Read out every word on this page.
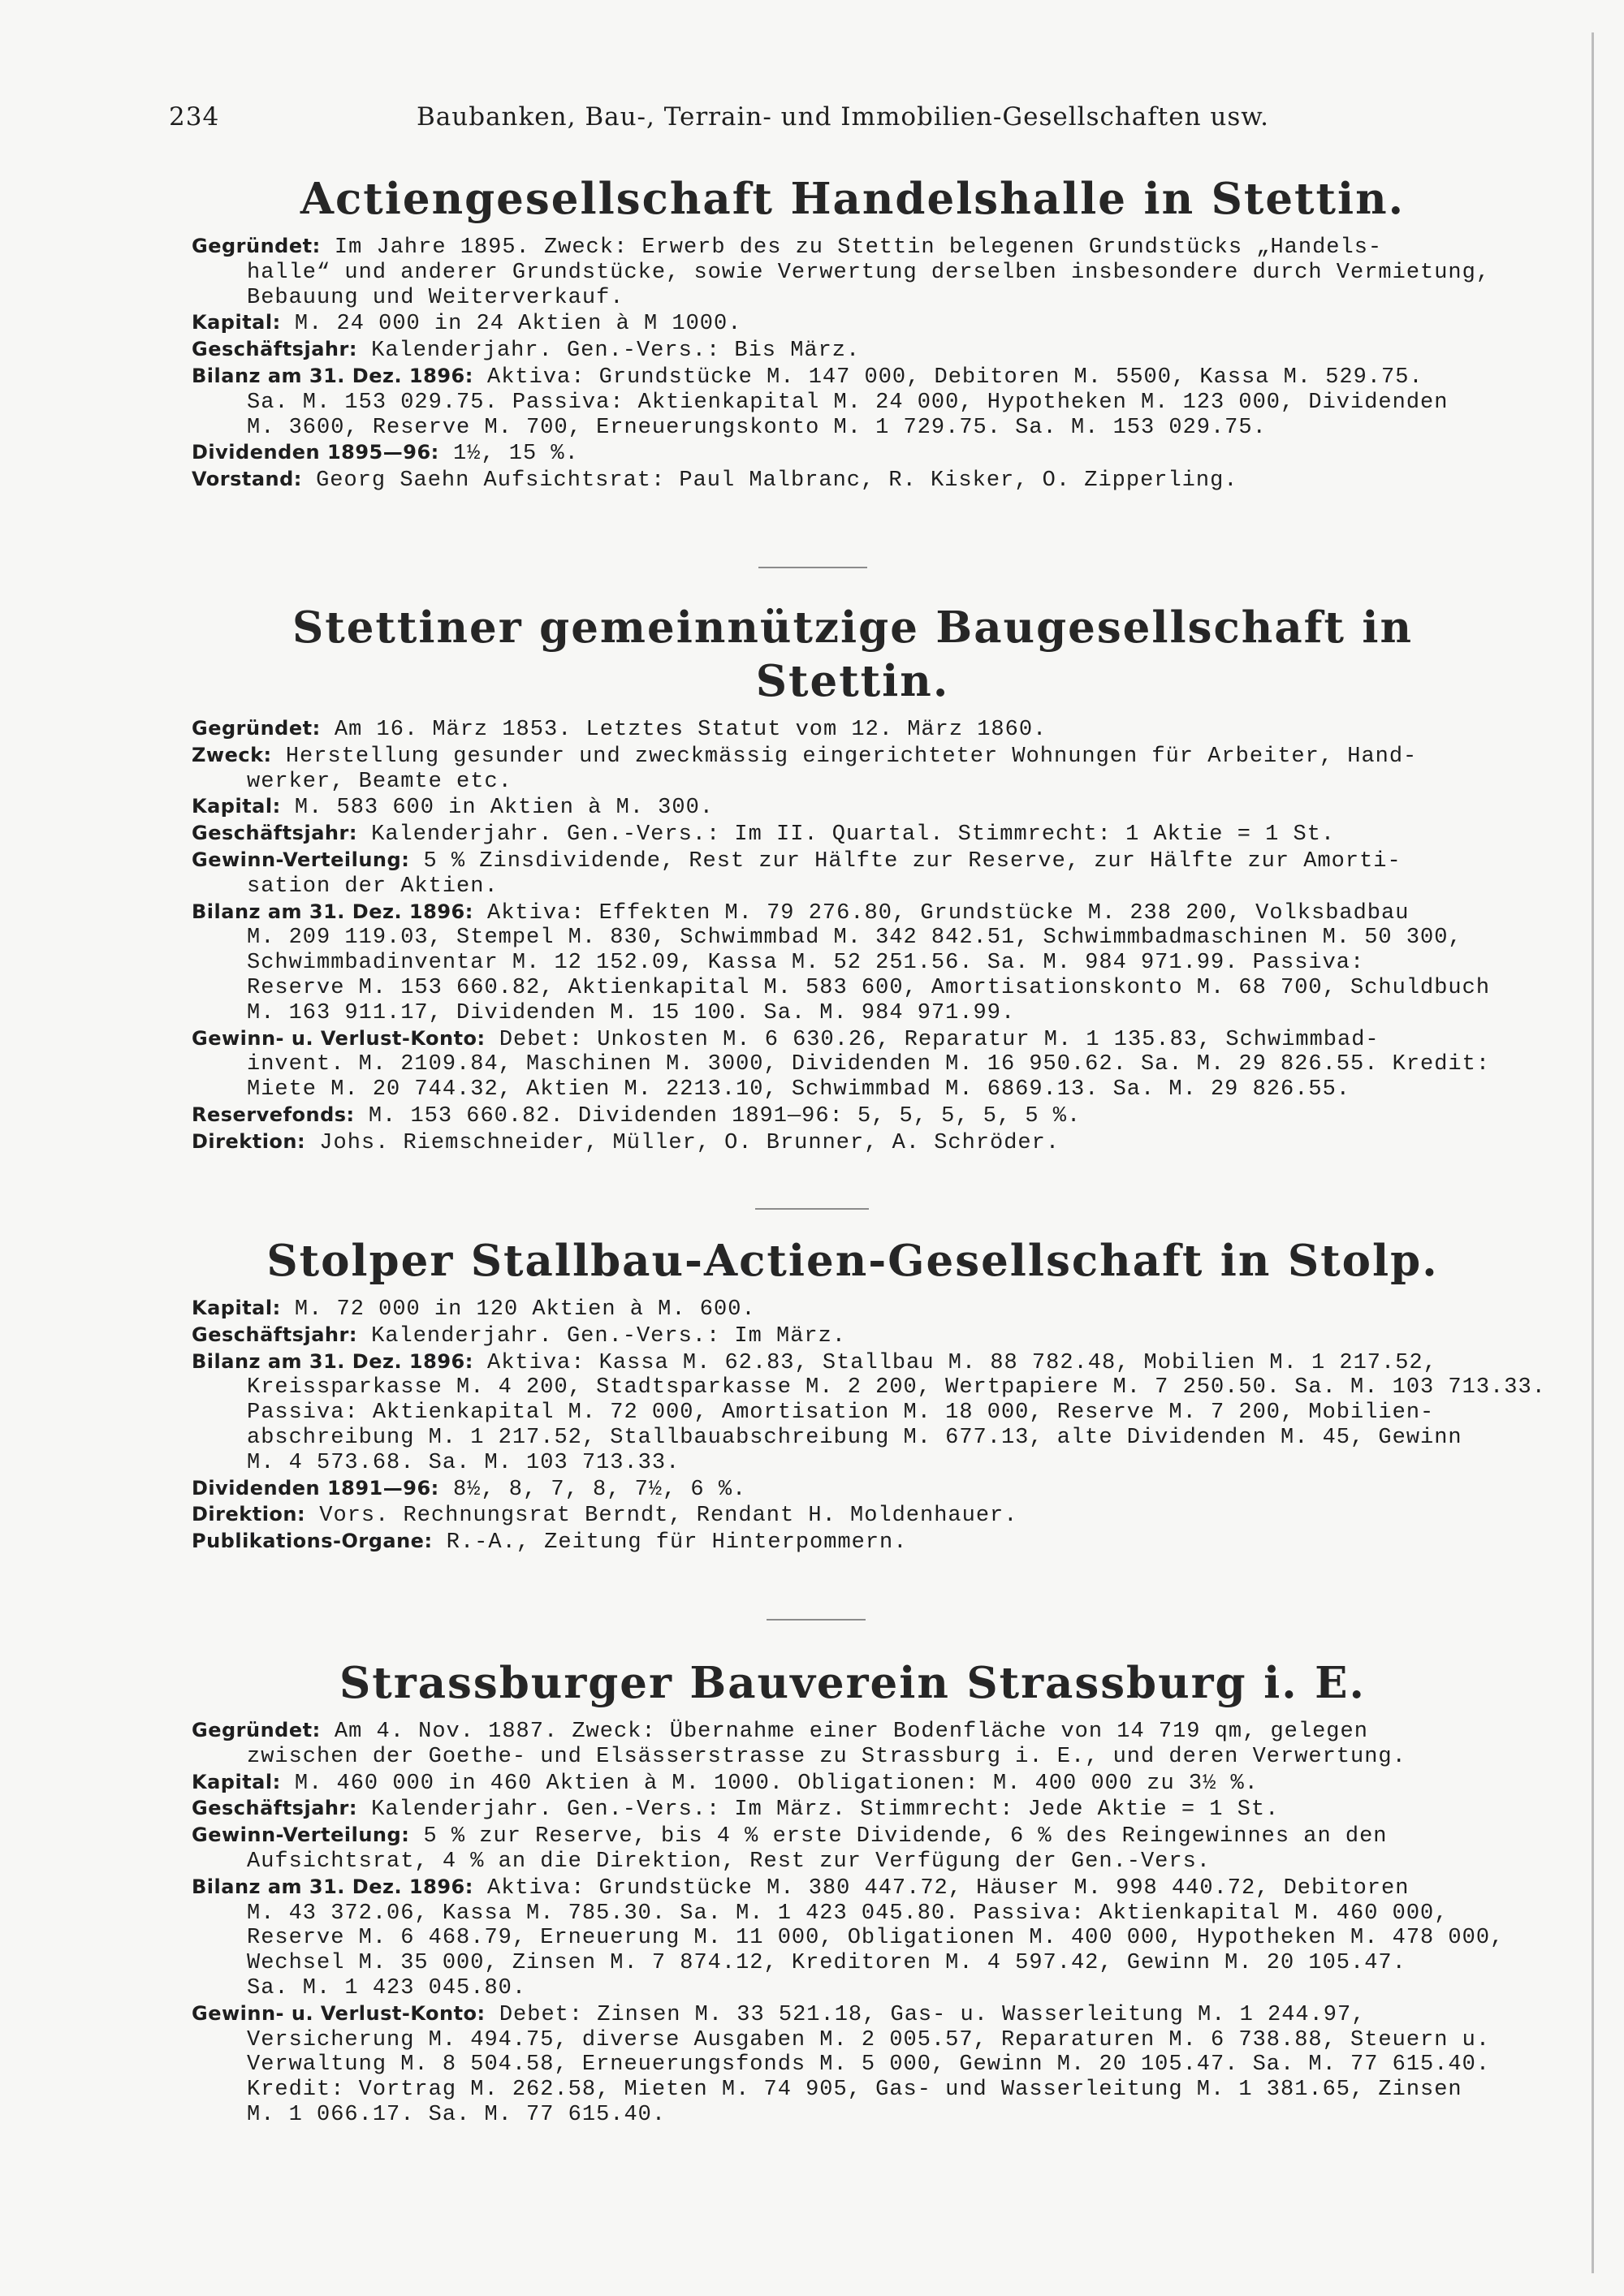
234	Baubanken, Bau-, Terrain- und Immobilien-Gesellschaften usw.
Actiengesellschaft Handelshalle in Stettin.

Gegründet: Im Jahre 1895. Zweck: Erwerb des zu Stettin belegenen Grundstücks „Handels-
halle“ und anderer Grundstücke, sowie Verwertung derselben insbesondere durch Vermietung,
Bebauung und Weiterverkauf.
Kapital: M. 24 000 in 24 Aktien à M 1000.
Geschäftsjahr: Kalenderjahr. Gen.-Vers.: Bis März.
Bilanz am 31. Dez. 1896: Aktiva: Grundstücke M. 147 000, Debitoren M. 5500, Kassa M. 529.75.
Sa. M. 153 029.75. Passiva: Aktienkapital M. 24 000, Hypotheken M. 123 000, Dividenden
M. 3600, Reserve M. 700, Erneuerungskonto M. 1 729.75. Sa. M. 153 029.75.
Dividenden 1895—96: 1½, 15 %.
Vorstand: Georg Saehn Aufsichtsrat: Paul Malbranc, R. Kisker, O. Zipperling.

Stettiner gemeinnützige Baugesellschaft in Stettin.

Gegründet: Am 16. März 1853. Letztes Statut vom 12. März 1860.
Zweck: Herstellung gesunder und zweckmässig eingerichteter Wohnungen für Arbeiter, Hand-
werker, Beamte etc.
Kapital: M. 583 600 in Aktien à M. 300.
Geschäftsjahr: Kalenderjahr. Gen.-Vers.: Im II. Quartal. Stimmrecht: 1 Aktie = 1 St.
Gewinn-Verteilung: 5 % Zinsdividende, Rest zur Hälfte zur Reserve, zur Hälfte zur Amorti-
sation der Aktien.
Bilanz am 31. Dez. 1896: Aktiva: Effekten M. 79 276.80, Grundstücke M. 238 200, Volksbadbau
M. 209 119.03, Stempel M. 830, Schwimmbad M. 342 842.51, Schwimmbadmaschinen M. 50 300,
Schwimmbadinventar M. 12 152.09, Kassa M. 52 251.56. Sa. M. 984 971.99. Passiva:
Reserve M. 153 660.82, Aktienkapital M. 583 600, Amortisationskonto M. 68 700, Schuldbuch
M. 163 911.17, Dividenden M. 15 100. Sa. M. 984 971.99.
Gewinn- u. Verlust-Konto: Debet: Unkosten M. 6 630.26, Reparatur M. 1 135.83, Schwimmbad-
invent. M. 2109.84, Maschinen M. 3000, Dividenden M. 16 950.62. Sa. M. 29 826.55. Kredit:
Miete M. 20 744.32, Aktien M. 2213.10, Schwimmbad M. 6869.13. Sa. M. 29 826.55.
Reservefonds: M. 153 660.82. Dividenden 1891—96: 5, 5, 5, 5, 5 %.
Direktion: Johs. Riemschneider, Müller, O. Brunner, A. Schröder.

Stolper Stallbau-Actien-Gesellschaft in Stolp.

Kapital: M. 72 000 in 120 Aktien à M. 600.
Geschäftsjahr: Kalenderjahr. Gen.-Vers.: Im März.
Bilanz am 31. Dez. 1896: Aktiva: Kassa M. 62.83, Stallbau M. 88 782.48, Mobilien M. 1 217.52,
Kreissparkasse M. 4 200, Stadtsparkasse M. 2 200, Wertpapiere M. 7 250.50. Sa. M. 103 713.33.
Passiva: Aktienkapital M. 72 000, Amortisation M. 18 000, Reserve M. 7 200, Mobilien-
abschreibung M. 1 217.52, Stallbauabschreibung M. 677.13, alte Dividenden M. 45, Gewinn
M. 4 573.68. Sa. M. 103 713.33.
Dividenden 1891—96: 8½, 8, 7, 8, 7½, 6 %.
Direktion: Vors. Rechnungsrat Berndt, Rendant H. Moldenhauer.
Publikations-Organe: R.-A., Zeitung für Hinterpommern.

Strassburger Bauverein Strassburg i. E.

Gegründet: Am 4. Nov. 1887. Zweck: Übernahme einer Bodenfläche von 14 719 qm, gelegen
zwischen der Goethe- und Elsässerstrasse zu Strassburg i. E., und deren Verwertung.
Kapital: M. 460 000 in 460 Aktien à M. 1000. Obligationen: M. 400 000 zu 3½ %.
Geschäftsjahr: Kalenderjahr. Gen.-Vers.: Im März. Stimmrecht: Jede Aktie = 1 St.
Gewinn-Verteilung: 5 % zur Reserve, bis 4 % erste Dividende, 6 % des Reingewinnes an den
Aufsichtsrat, 4 % an die Direktion, Rest zur Verfügung der Gen.-Vers.
Bilanz am 31. Dez. 1896: Aktiva: Grundstücke M. 380 447.72, Häuser M. 998 440.72, Debitoren
M. 43 372.06, Kassa M. 785.30. Sa. M. 1 423 045.80. Passiva: Aktienkapital M. 460 000,
Reserve M. 6 468.79, Erneuerung M. 11 000, Obligationen M. 400 000, Hypotheken M. 478 000,
Wechsel M. 35 000, Zinsen M. 7 874.12, Kreditoren M. 4 597.42, Gewinn M. 20 105.47.
Sa. M. 1 423 045.80.
Gewinn- u. Verlust-Konto: Debet: Zinsen M. 33 521.18, Gas- u. Wasserleitung M. 1 244.97,
Versicherung M. 494.75, diverse Ausgaben M. 2 005.57, Reparaturen M. 6 738.88, Steuern u.
Verwaltung M. 8 504.58, Erneuerungsfonds M. 5 000, Gewinn M. 20 105.47. Sa. M. 77 615.40.
Kredit: Vortrag M. 262.58, Mieten M. 74 905, Gas- und Wasserleitung M. 1 381.65, Zinsen
M. 1 066.17. Sa. M. 77 615.40.
